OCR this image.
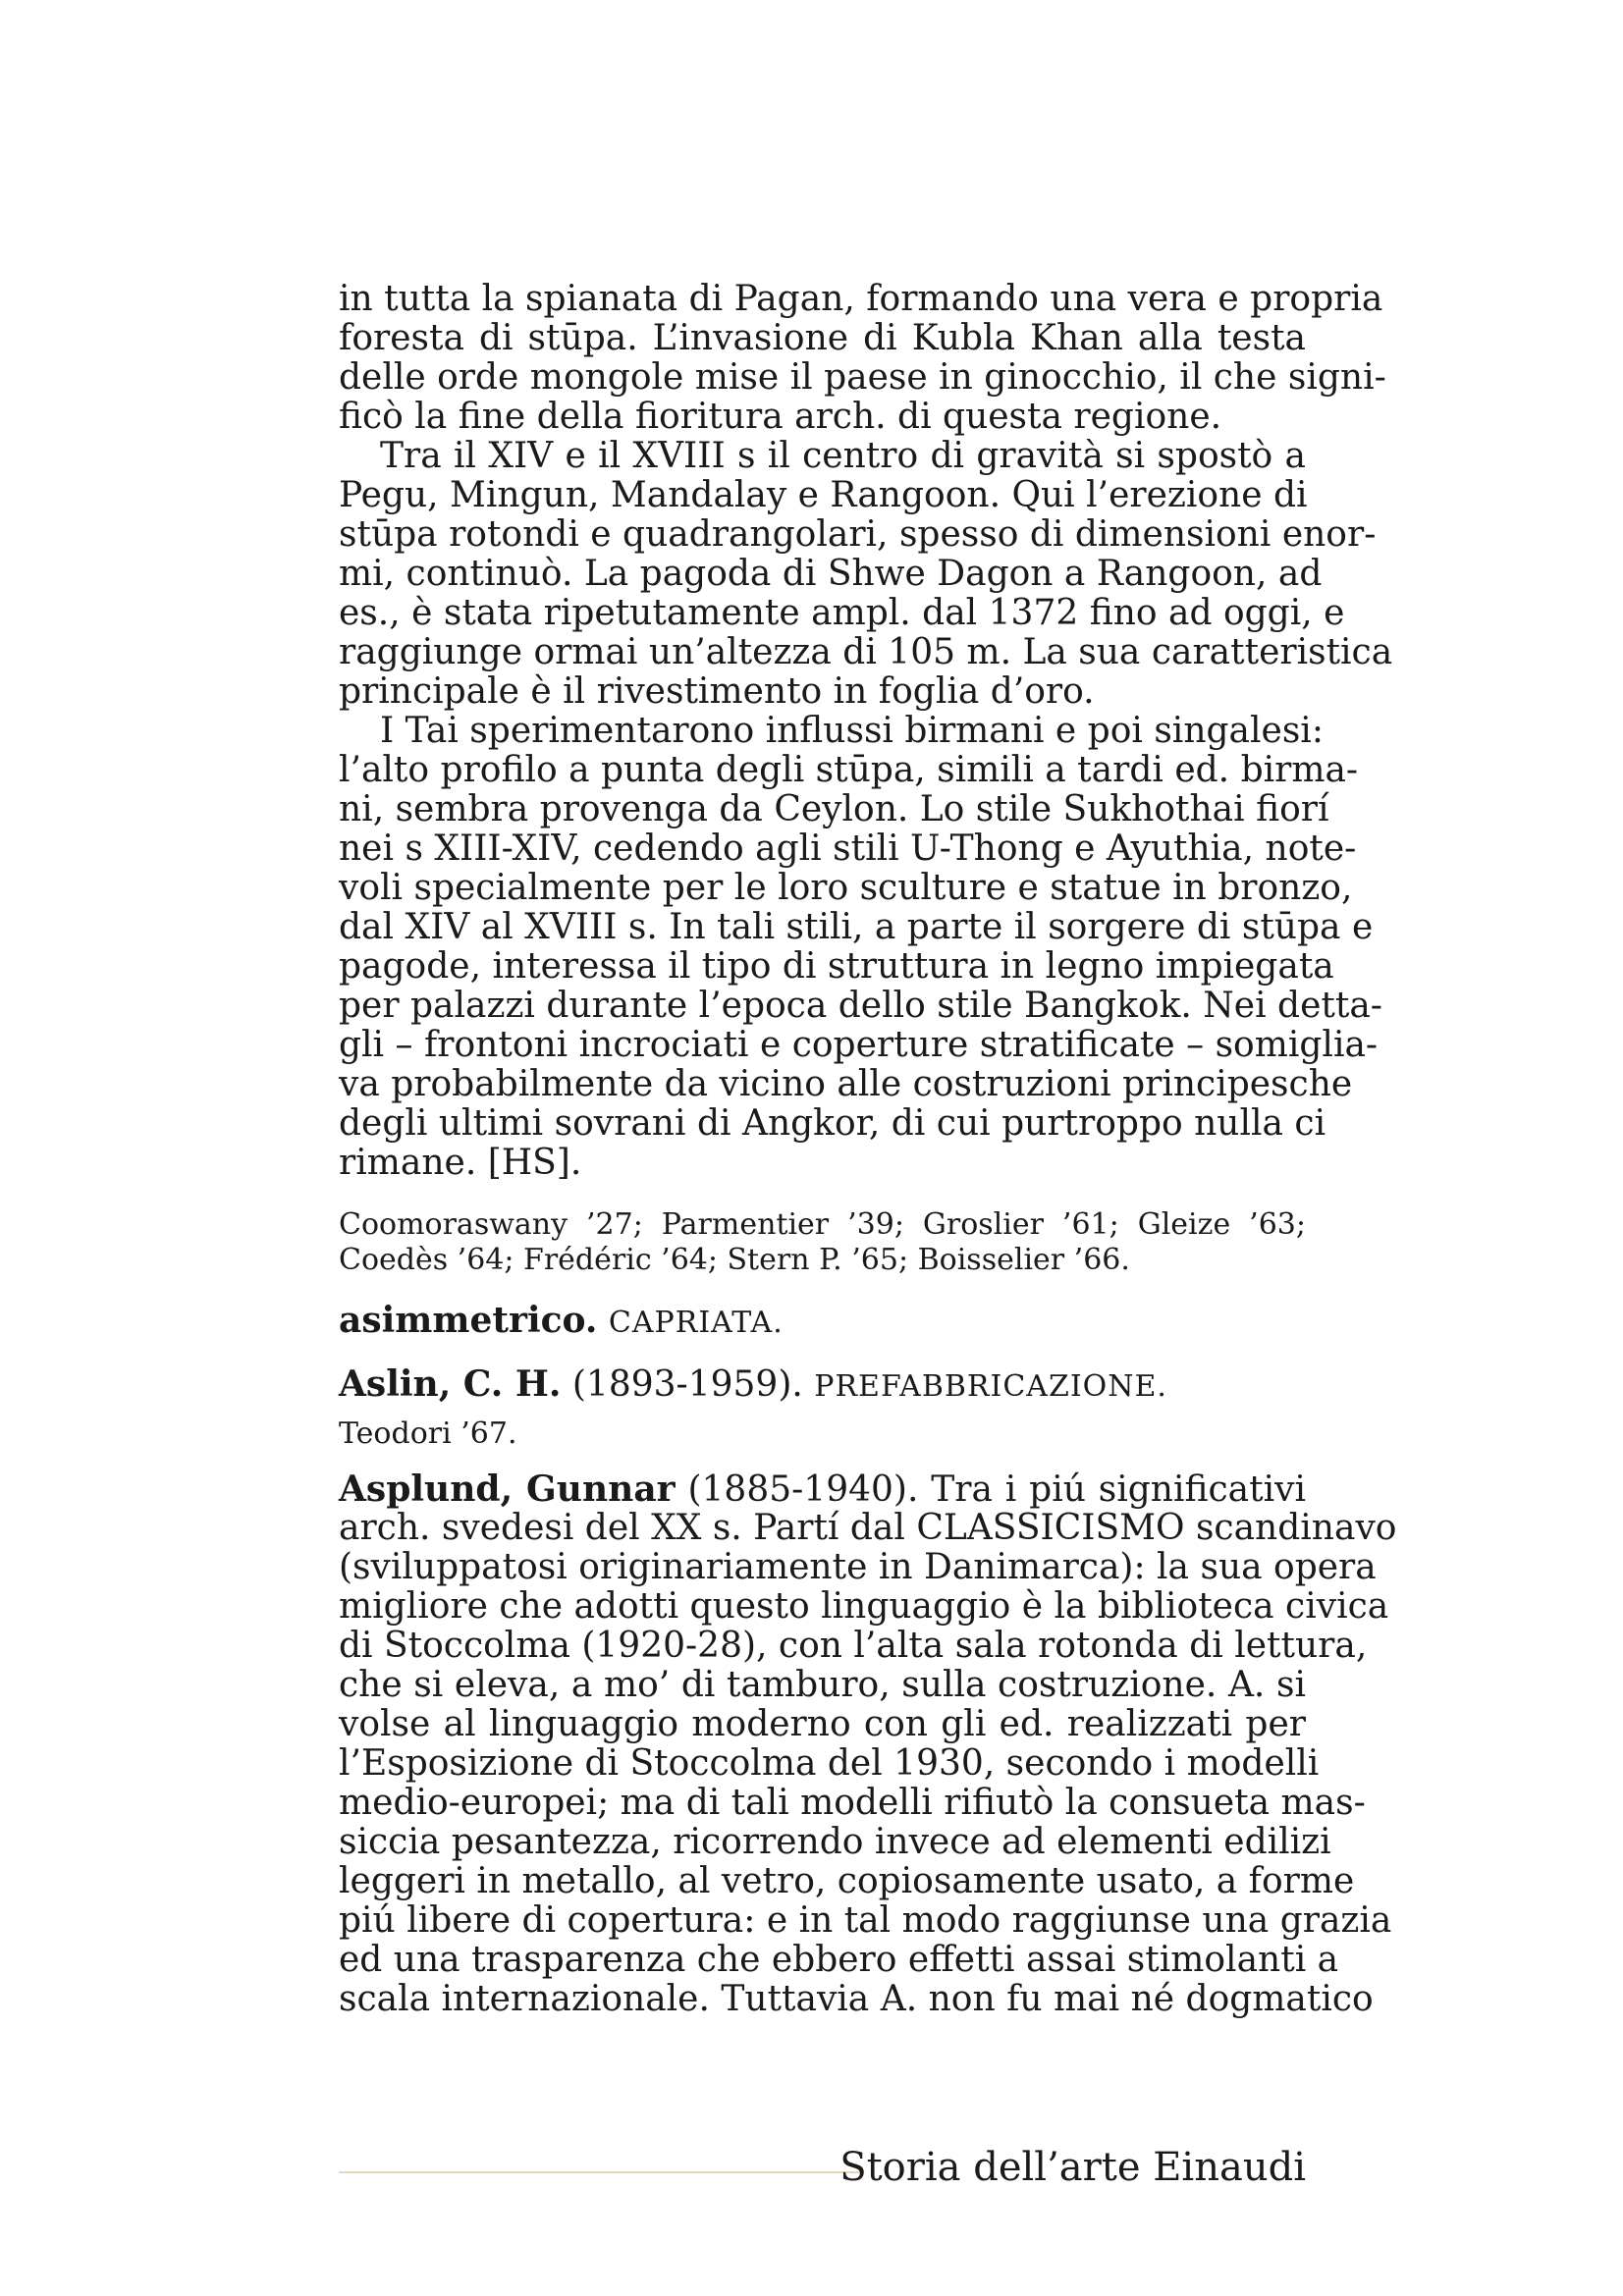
in tutta la spianata di Pagan, formando una vera e propria
foresta di stūpa. L’invasione di Kubla Khan alla testa
delle orde mongole mise il paese in ginocchio, il che signi-
ficò la fine della fioritura arch. di questa regione.
Tra il XIV e il XVIII s il centro di gravità si spostò a
Pegu, Mingun, Mandalay e Rangoon. Qui l’erezione di
stūpa rotondi e quadrangolari, spesso di dimensioni enor-
mi, continuò. La pagoda di Shwe Dagon a Rangoon, ad
es., è stata ripetutamente ampl. dal 1372 fino ad oggi, e
raggiunge ormai un’altezza di 105 m. La sua caratteristica
principale è il rivestimento in foglia d’oro.
I Tai sperimentarono influssi birmani e poi singalesi:
l’alto profilo a punta degli stūpa, simili a tardi ed. birma-
ni, sembra provenga da Ceylon. Lo stile Sukhothai fiorí
nei s XIII-XIV, cedendo agli stili U-Thong e Ayuthia, note-
voli specialmente per le loro sculture e statue in bronzo,
dal XIV al XVIII s. In tali stili, a parte il sorgere di stūpa e
pagode, interessa il tipo di struttura in legno impiegata
per palazzi durante l’epoca dello stile Bangkok. Nei detta-
gli – frontoni incrociati e coperture stratificate – somiglia-
va probabilmente da vicino alle costruzioni principesche
degli ultimi sovrani di Angkor, di cui purtroppo nulla ci
rimane. [HS].
Coomoraswany ’27; Parmentier ’39; Groslier ’61; Gleize ’63;
Coedès ’64; Frédéric ’64; Stern P. ’65; Boisselier ’66.
asimmetrico. CAPRIATA.
Aslin, C. H. (1893-1959). PREFABBRICAZIONE.
Teodori ’67.
Asplund, Gunnar (1885-1940). Tra i piú significativi
arch. svedesi del XX s. Partí dal CLASSICISMO scandinavo
(sviluppatosi originariamente in Danimarca): la sua opera
migliore che adotti questo linguaggio è la biblioteca civica
di Stoccolma (1920-28), con l’alta sala rotonda di lettura,
che si eleva, a mo’ di tamburo, sulla costruzione. A. si
volse al linguaggio moderno con gli ed. realizzati per
l’Esposizione di Stoccolma del 1930, secondo i modelli
medio-europei; ma di tali modelli rifiutò la consueta mas-
siccia pesantezza, ricorrendo invece ad elementi edilizi
leggeri in metallo, al vetro, copiosamente usato, a forme
piú libere di copertura: e in tal modo raggiunse una grazia
ed una trasparenza che ebbero effetti assai stimolanti a
scala internazionale. Tuttavia A. non fu mai né dogmatico
Storia dell’arte Einaudi
